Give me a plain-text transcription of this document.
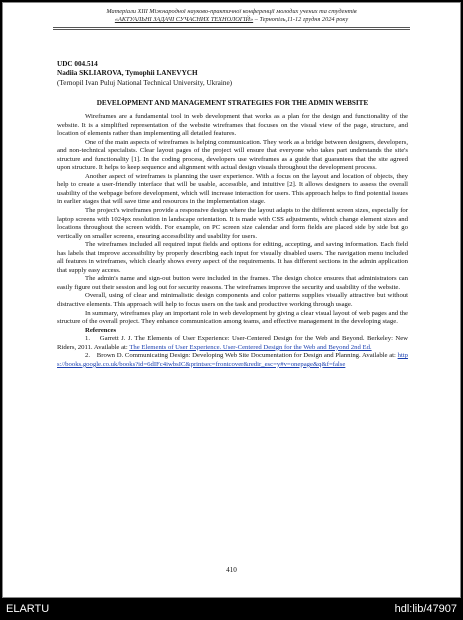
Матеріали XIII Міжнародної науково-практичної конференції молодих учених та студентів
«АКТУАЛЬНІ ЗАДАЧІ СУЧАСНИХ ТЕХНОЛОГІЙ» – Тернопіль,11-12 грудня 2024 року
UDC 004.514
Nadiia SKLIAROVA, Tymophii LANEVYCH
(Ternopil Ivan Puluj National Technical University, Ukraine)
DEVELOPMENT AND MANAGEMENT STRATEGIES FOR THE ADMIN WEBSITE

Wireframes are a fundamental tool in web development that works as a plan for the design and functionality of the website. It is a simplified representation of the website wireframes that focuses on the visual view of the page, structure, and location of elements rather than implementing all detailed features.

One of the main aspects of wireframes is helping communication. They work as a bridge between designers, developers, and non-technical specialists. Clear layout pages of the project will ensure that everyone who takes part understands the site's structure and functionality [1]. In the coding process, developers use wireframes as a guide that guarantees that the site agreed upon structure. It helps to keep sequence and alignment with actual design visuals throughout the development process.

Another aspect of wireframes is planning the user experience. With a focus on the layout and location of objects, they help to create a user-friendly interface that will be usable, accessible, and intuitive [2]. It allows designers to assess the overall usability of the webpage before development, which will increase interaction for users. This approach helps to find potential issues in earlier stages that will save time and resources in the implementation stage.

The project's wireframes provide a responsive design where the layout adapts to the different screen sizes, especially for laptop screens with 1024px resolution in landscape orientation. It is made with CSS adjustments, which change element sizes and locations throughout the screen width. For example, on PC screen size calendar and form fields are placed side by side but go vertically on smaller screens, ensuring accessibility and usability for users.

The wireframes included all required input fields and options for editing, accepting, and saving information. Each field has labels that improve accessibility by properly describing each input for visually disabled users. The navigation menu included all features in wireframes, which clearly shows every aspect of the requirements. It has different sections in the admin application that supply easy access.

The admin's name and sign-out button were included in the frames. The design choice ensures that administrators can easily figure out their session and log out for security reasons. The wireframes improve the security and usability of the website.

Overall, using of clear and minimalistic design components and color patterns supplies visually attractive but without distractive elements. This approach will help to focus users on the task and productive working through usage.

In summary, wireframes play an important role in web development by giving a clear visual layout of web pages and the structure of the overall project. They enhance communication among teams, and effective management in the developing stage.

References

1. Garrett J. J. The Elements of User Experience: User-Centered Design for the Web and Beyond. Berkeley: New Riders, 2011. Available at: The Elements of User Experience. User-Centered Design for the Web and Beyond 2nd Ed.

2. Brown D. Communicating Design: Developing Web Site Documentation for Design and Planning. Available at: https://books.google.co.uk/books?id=6dIFc4iwbsIC&printsec=frontcover&redir_esc=y#v=onepage&q&f=false

410
ELARTU	hdl:lib/47907
